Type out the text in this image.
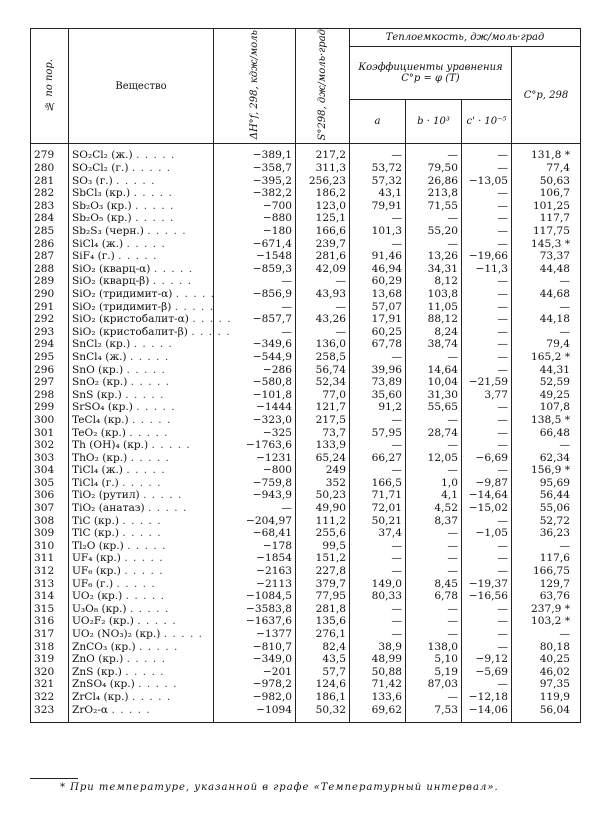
№ по пор.	Вещество	ΔH°f, 298, кдж/моль	S°298, дж/моль·град	Теплоемкость, дж/моль·град			
				Коэффициенты уравнения C°p = φ (T)			C°p, 298
				a	b · 10³	c' · 10⁻⁵	
279	SO₂Cl₂ (ж.) . . . . .	−389,1	217,2	—	—	—	131,8 *
280	SO₂Cl₂ (г.) . . . . .	−358,7	311,3	53,72	79,50	—	77,4
281	SO₃ (г.) . . . . .	−395,2	256,23	57,32	26,86	−13,05	50,63
282	SbCl₃ (кр.) . . . . .	−382,2	186,2	43,1	213,8	—	106,7
283	Sb₂O₃ (кр.) . . . . .	−700	123,0	79,91	71,55	—	101,25
284	Sb₂O₅ (кр.) . . . . .	−880	125,1	—	—	—	117,7
285	Sb₂S₃ (черн.) . . . . .	−180	166,6	101,3	55,20	—	117,75
286	SiCl₄ (ж.) . . . . .	−671,4	239,7	—	—	—	145,3 *
287	SiF₄ (г.) . . . . .	−1548	281,6	91,46	13,26	−19,66	73,37
288	SiO₂ (кварц-α) . . . . .	−859,3	42,09	46,94	34,31	−11,3	44,48
289	SiO₂ (кварц-β) . . . . .	—	—	60,29	8,12	—	—
290	SiO₂ (тридимит-α) . . . . .	−856,9	43,93	13,68	103,8	—	44,68
291	SiO₂ (тридимит-β) . . . . .	—	—	57,07	11,05	—	—
292	SiO₂ (кристобалит-α) . . . . .	−857,7	43,26	17,91	88,12	—	44,18
293	SiO₂ (кристобалит-β) . . . . .	—	—	60,25	8,24	—	—
294	SnCl₂ (кр.) . . . . .	−349,6	136,0	67,78	38,74	—	79,4
295	SnCl₄ (ж.) . . . . .	−544,9	258,5	—	—	—	165,2 *
296	SnO (кр.) . . . . .	−286	56,74	39,96	14,64	—	44,31
297	SnO₂ (кр.) . . . . .	−580,8	52,34	73,89	10,04	−21,59	52,59
298	SnS (кр.) . . . . .	−101,8	77,0	35,60	31,30	3,77	49,25
299	SrSO₄ (кр.) . . . . .	−1444	121,7	91,2	55,65	—	107,8
300	TeCl₄ (кр.) . . . . .	−323,0	217,5	—	—	—	138,5 *
301	TeO₂ (кр.) . . . . .	−325	73,7	57,95	28,74	—	66,48
302	Th (OH)₄ (кр.) . . . . .	−1763,6	133,9	—	—	—	—
303	ThO₂ (кр.) . . . . .	−1231	65,24	66,27	12,05	−6,69	62,34
304	TiCl₄ (ж.) . . . . .	−800	249	—	—	—	156,9 *
305	TiCl₄ (г.) . . . . .	−759,8	352	166,5	1,0	−9,87	95,69
306	TiO₂ (рутил) . . . . .	−943,9	50,23	71,71	4,1	−14,64	56,44
307	TiO₂ (анатаз) . . . . .	—	49,90	72,01	4,52	−15,02	55,06
308	TiC (кр.) . . . . .	−204,97	111,2	50,21	8,37	—	52,72
309	TlC (кр.) . . . . .	−68,41	255,6	37,4	—	−1,05	36,23
310	Tl₂O (кр.) . . . . .	−178	99,5	—	—	—	—
311	UF₄ (кр.) . . . . .	−1854	151,2	—	—	—	117,6
312	UF₆ (кр.) . . . . .	−2163	227,8	—	—	—	166,75
313	UF₆ (г.) . . . . .	−2113	379,7	149,0	8,45	−19,37	129,7
314	UO₂ (кр.) . . . . .	−1084,5	77,95	80,33	6,78	−16,56	63,76
315	U₃O₈ (кр.) . . . . .	−3583,8	281,8	—	—	—	237,9 *
316	UO₂F₂ (кр.) . . . . .	−1637,6	135,6	—	—	—	103,2 *
317	UO₂ (NO₃)₂ (кр.) . . . . .	−1377	276,1	—	—	—	—
318	ZnCO₃ (кр.) . . . . .	−810,7	82,4	38,9	138,0	—	80,18
319	ZnO (кр.) . . . . .	−349,0	43,5	48,99	5,10	−9,12	40,25
320	ZnS (кр.) . . . . .	−201	57,7	50,88	5,19	−5,69	46,02
321	ZnSO₄ (кр.) . . . . .	−978,2	124,6	71,42	87,03	—	97,35
322	ZrCl₄ (кр.) . . . . .	−982,0	186,1	133,6	—	−12,18	119,9
323	ZrO₂-α . . . . .	−1094	50,32	69,62	7,53	−14,06	56,04
* При температуре, указанной в графе «Температурный интервал».
